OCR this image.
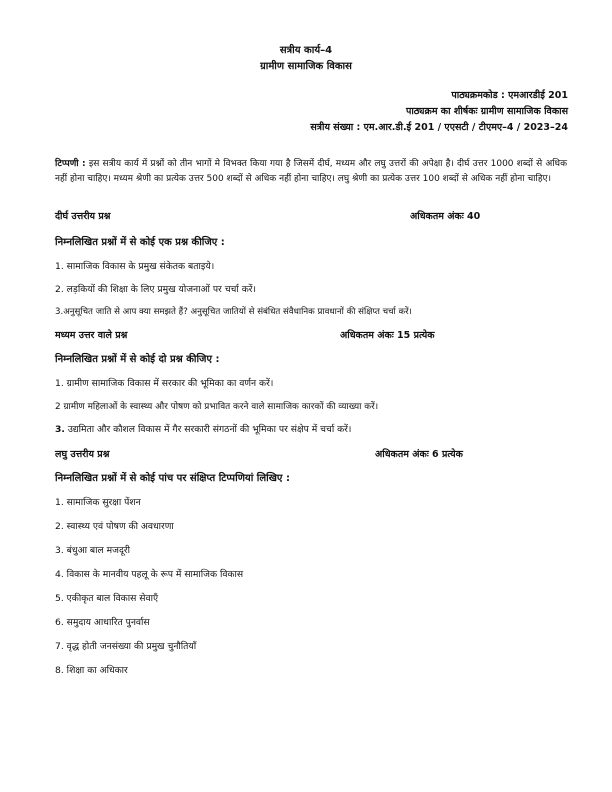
सत्रीय कार्य–4
ग्रामीण सामाजिक विकास
पाठ्यक्रमकोड : एमआरडीई 201
पाठ्यक्रम का शीर्षकः ग्रामीण सामाजिक विकास
सत्रीय संख्या : एम.आर.डी.ई 201 / एएसटी / टीएमए–4 / 2023–24
टिप्पणी : इस सत्रीय कार्य में प्रश्नों को तीन भागों मे विभक्त किया गया है जिसमें दीर्घ, मध्यम और लघु उत्तरों की अपेक्षा है। दीर्घ उत्तर 1000 शब्दों से अधिक नहीं होना चाहिए। मध्यम श्रेणी का प्रत्येक उत्तर 500 शब्दों से अधिक नहीं होना चाहिए। लघु श्रेणी का प्रत्येक उत्तर 100 शब्दों से अधिक नहीं होना चाहिए।
दीर्घ उत्तरीय प्रश्न	अधिकतम अंकः 40
निम्नलिखित प्रश्नों में से कोई एक प्रश्न कीजिए :
1. सामाजिक विकास के प्रमुख संकेतक बताइये।
2. लड़कियों की शिक्षा के लिए प्रमुख योजनाओं पर चर्चा करें।
3.अनुसूचित जाति से आप क्या समझते हैं? अनुसूचित जातियों से संबंधित संवैधानिक प्रावधानों की संक्षिप्त चर्चा करें।
मध्यम उत्तर वाले प्रश्न	अधिकतम अंकः 15 प्रत्येक
निम्नलिखित प्रश्नों में से कोई दो प्रश्न कीजिए :
1. ग्रामीण सामाजिक विकास में सरकार की भूमिका का वर्णन करें।
2 ग्रामीण महिलाओं के स्वास्थ्य और पोषण को प्रभावित करने वाले सामाजिक कारकों की व्याख्या करें।
3. उद्यमिता और कौशल विकास में गैर सरकारी संगठनों की भूमिका पर संक्षेप में चर्चा करें।
लघु उत्तरीय प्रश्न	अधिकतम अंकः 6 प्रत्येक
निम्नलिखित प्रश्नों में से कोई पांच पर संक्षिप्त टिप्पणियां लिखिए :
1. सामाजिक सुरक्षा पेंशन
2. स्वास्थ्य एवं पोषण की अवधारणा
3. बंधुआ बाल मजदूरी
4. विकास के मानवीय पहलू के रूप में सामाजिक विकास
5. एकीकृत बाल विकास सेवाएँ
6. समुदाय आधारित पुनर्वास
7. वृद्ध होती जनसंख्या की प्रमुख चुनौतियाँ
8. शिक्षा का अधिकार
